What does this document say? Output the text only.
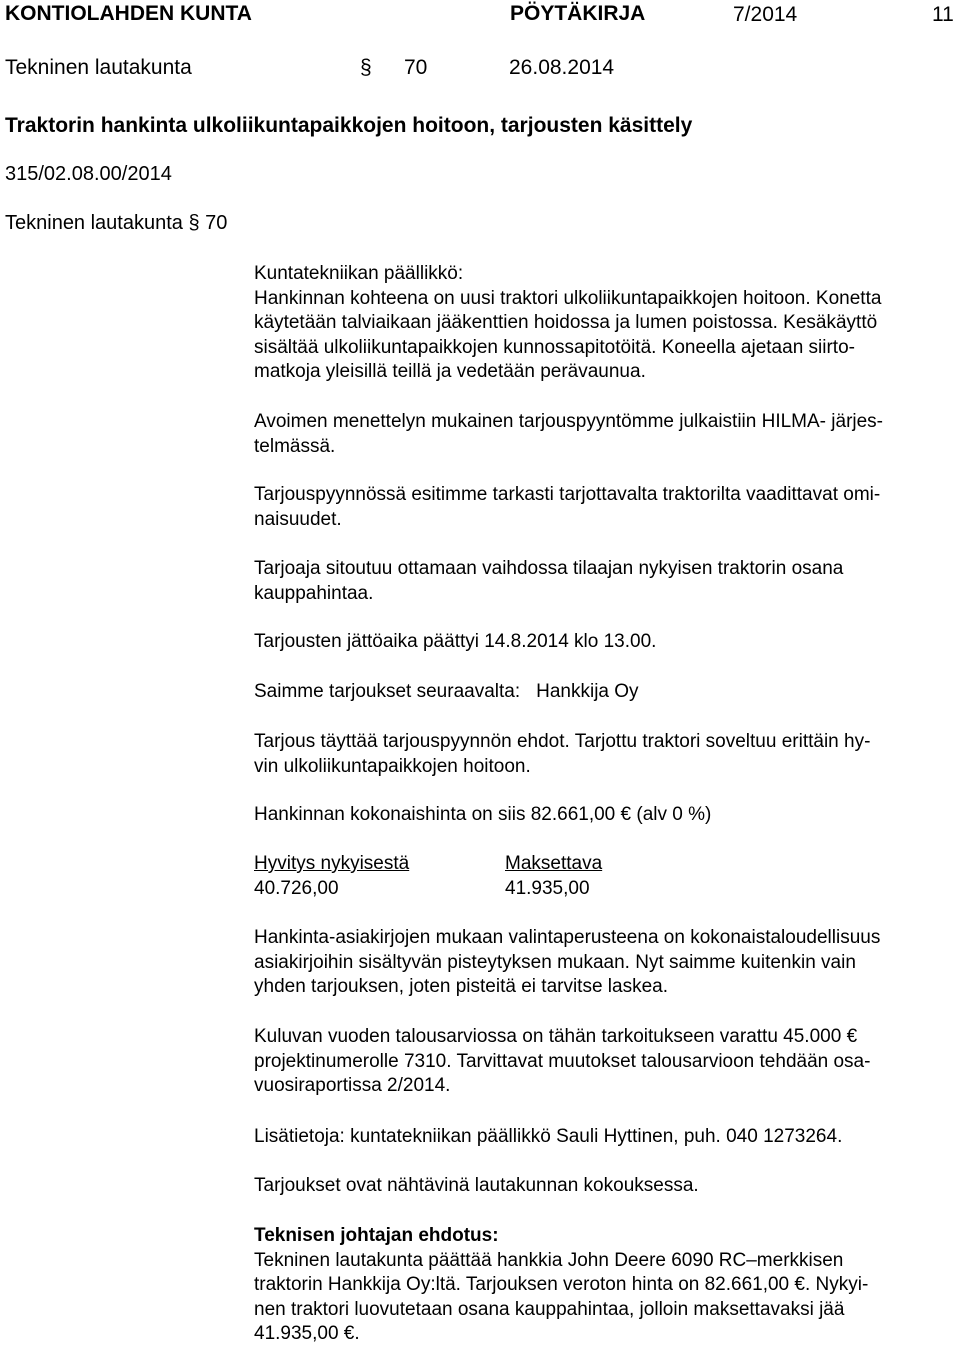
KONTIOLAHDEN KUNTA	PÖYTÄKIRJA	7/2014	11
Tekninen lautakunta	§ 70	26.08.2014
Traktorin hankinta ulkoliikuntapaikkojen hoitoon, tarjousten käsittely
315/02.08.00/2014
Tekninen lautakunta § 70

Kuntatekniikan päällikkö:

Hankinnan kohteena on uusi traktori ulkoliikuntapaikkojen hoitoon. Konetta

käytetään talviaikaan jääkenttien hoidossa ja lumen poistossa. Kesäkäyttö

sisältää ulkoliikuntapaikkojen kunnossapitotöitä. Koneella ajetaan siirto-

matkoja yleisillä teillä ja vedetään perävaunua.

Avoimen menettelyn mukainen tarjouspyyntömme julkaistiin HILMA- järjes-

telmässä.

Tarjouspyynnössä esitimme tarkasti tarjottavalta traktorilta vaadittavat omi-

naisuudet.

Tarjoaja sitoutuu ottamaan vaihdossa tilaajan nykyisen traktorin osana

kauppahintaa.

Tarjousten jättöaika päättyi 14.8.2014 klo 13.00.

Saimme tarjoukset seuraavalta: Hankkija Oy

Tarjous täyttää tarjouspyynnön ehdot. Tarjottu traktori soveltuu erittäin hy-

vin ulkoliikuntapaikkojen hoitoon.

Hankinnan kokonaishinta on siis 82.661,00 € (alv 0 %)

Hyvitys nykyisestä	Maksettava
40.726,00	41.935,00

Hankinta-asiakirjojen mukaan valintaperusteena on kokonaistaloudellisuus

asiakirjoihin sisältyvän pisteytyksen mukaan. Nyt saimme kuitenkin vain

yhden tarjouksen, joten pisteitä ei tarvitse laskea.

Kuluvan vuoden talousarviossa on tähän tarkoitukseen varattu 45.000 €

projektinumerolle 7310. Tarvittavat muutokset talousarvioon tehdään osa-

vuosiraportissa 2/2014.

Lisätietoja: kuntatekniikan päällikkö Sauli Hyttinen, puh. 040 1273264.

Tarjoukset ovat nähtävinä lautakunnan kokouksessa.

Teknisen johtajan ehdotus:

Tekninen lautakunta päättää hankkia John Deere 6090 RC–merkkisen

traktorin Hankkija Oy:ltä. Tarjouksen veroton hinta on 82.661,00 €. Nykyi-

nen traktori luovutetaan osana kauppahintaa, jolloin maksettavaksi jää

41.935,00 €.
